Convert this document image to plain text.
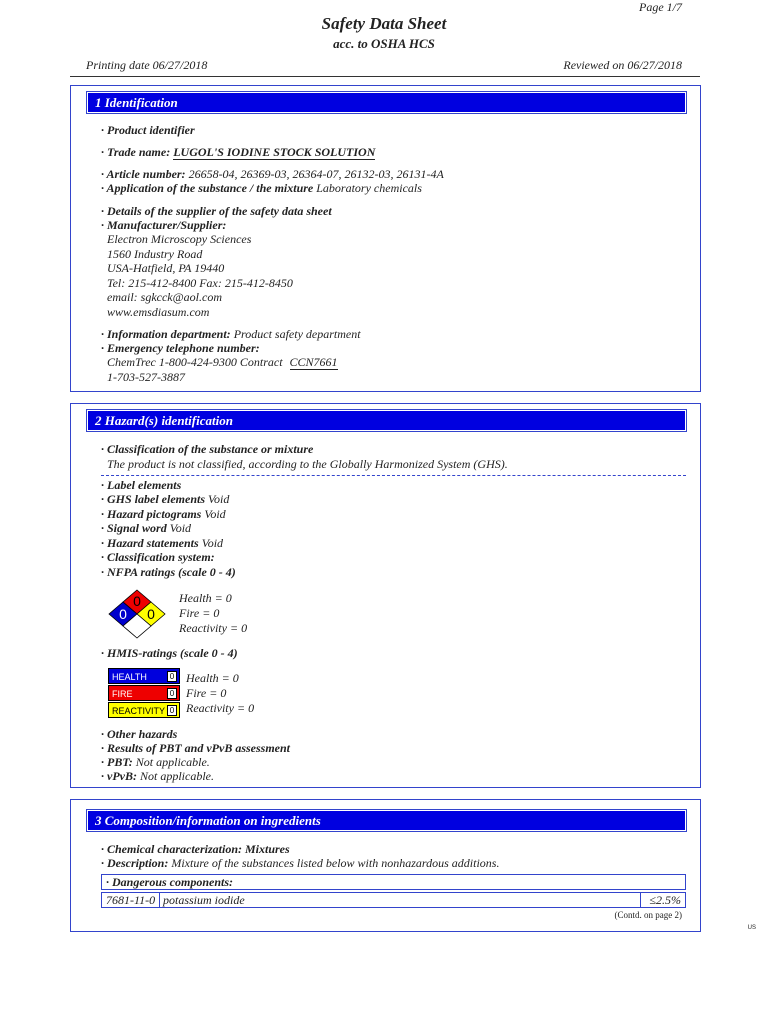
Page 1/7
Safety Data Sheet
acc. to OSHA HCS
Printing date 06/27/2018	Reviewed on 06/27/2018
1 Identification
· Product identifier
· Trade name: LUGOL'S IODINE STOCK SOLUTION
· Article number: 26658-04, 26369-03, 26364-07, 26132-03, 26131-4A
· Application of the substance / the mixture Laboratory chemicals
· Details of the supplier of the safety data sheet
· Manufacturer/Supplier:
Electron Microscopy Sciences
1560 Industry Road
USA-Hatfield, PA 19440
Tel: 215-412-8400 Fax: 215-412-8450
email: sgkcck@aol.com
www.emsdiasum.com
· Information department: Product safety department
· Emergency telephone number:
ChemTrec 1-800-424-9300 Contract CCN7661
1-703-527-3887
2 Hazard(s) identification
· Classification of the substance or mixture
The product is not classified, according to the Globally Harmonized System (GHS).
· Label elements
· GHS label elements Void
· Hazard pictograms Void
· Signal word Void
· Hazard statements Void
· Classification system:
· NFPA ratings (scale 0 - 4)
0
0 0
Health = 0
Fire = 0
Reactivity = 0
· HMIS-ratings (scale 0 - 4)
HEALTH	0
FIRE	0
REACTIVITY 0
Health = 0
Fire = 0
Reactivity = 0
· Other hazards
· Results of PBT and vPvB assessment
· PBT: Not applicable.
· vPvB: Not applicable.
3 Composition/information on ingredients
· Chemical characterization: Mixtures
· Description: Mixture of the substances listed below with nonhazardous additions.
· Dangerous components:
7681-11-0 potassium iodide	≤2.5%
(Contd. on page 2)
US
